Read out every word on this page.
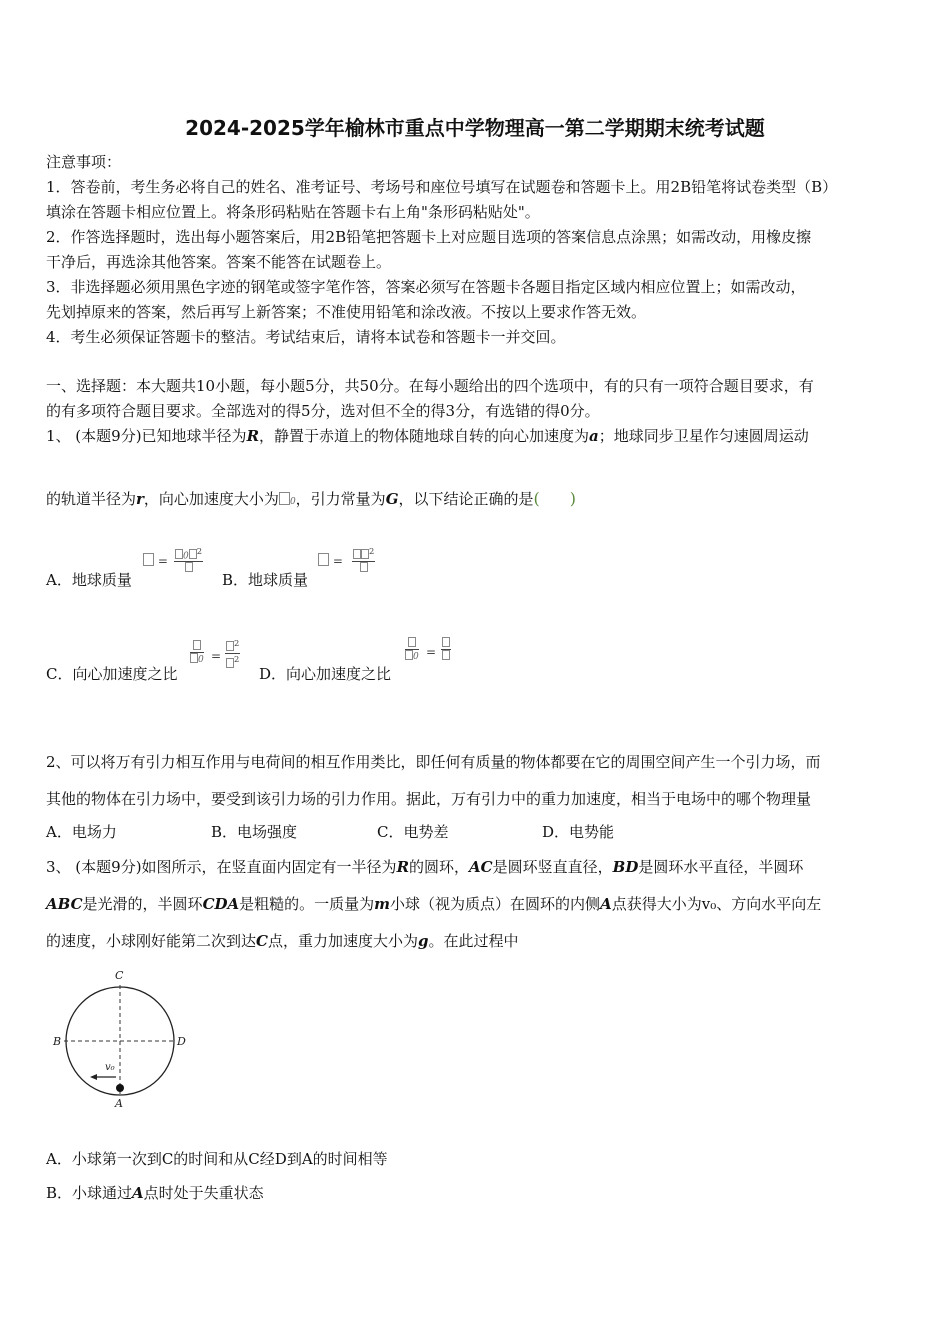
2024-2025学年榆林市重点中学物理高一第二学期期末统考试题
注意事项：
1．答卷前，考生务必将自己的姓名、准考证号、考场号和座位号填写在试题卷和答题卡上。用2B铅笔将试卷类型（B）
填涂在答题卡相应位置上。将条形码粘贴在答题卡右上角"条形码粘贴处"。
2．作答选择题时，选出每小题答案后，用2B铅笔把答题卡上对应题目选项的答案信息点涂黑；如需改动，用橡皮擦
干净后，再选涂其他答案。答案不能答在试题卷上。
3．非选择题必须用黑色字迹的钢笔或签字笔作答，答案必须写在答题卡各题目指定区域内相应位置上；如需改动，
先划掉原来的答案，然后再写上新答案；不准使用铅笔和涂改液。不按以上要求作答无效。
4．考生必须保证答题卡的整洁。考试结束后，请将本试卷和答题卡一并交回。
一、选择题：本大题共10小题，每小题5分，共50分。在每小题给出的四个选项中，有的只有一项符合题目要求，有
的有多项符合题目要求。全部选对的得5分，选对但不全的得3分，有选错的得0分。
1、 (本题9分)已知地球半径为R，静置于赤道上的物体随地球自转的向心加速度为a；地球同步卫星作匀速圆周运动
的轨道半径为r，向心加速度大小为 0，引力常量为G，以下结论正确的是( )
A．地球质量
=	$0^2$
B．地球质量
=
$^2$
C．向心加速度之比
$0 = \frac{^2}{^2}$
D．向心加速度之比
0 =
2、可以将万有引力相互作用与电荷间的相互作用类比，即任何有质量的物体都要在它的周围空间产生一个引力场，而
其他的物体在引力场中，要受到该引力场的引力作用。据此，万有引力中的重力加速度，相当于电场中的哪个物理量
A．电场力	B．电场强度	C．电势差	D．电势能
3、 (本题9分)如图所示，在竖直面内固定有一半径为R的圆环，AC是圆环竖直直径，BD是圆环水平直径，半圆环
ABC是光滑的，半圆环CDA是粗糙的。一质量为m小球（视为质点）在圆环的内侧A点获得大小为v₀、方向水平向左
的速度，小球刚好能第二次到达C点，重力加速度大小为g。在此过程中
C
B	D
A
v₀
A．小球第一次到C的时间和从C经D到A的时间相等
B．小球通过A点时处于失重状态
